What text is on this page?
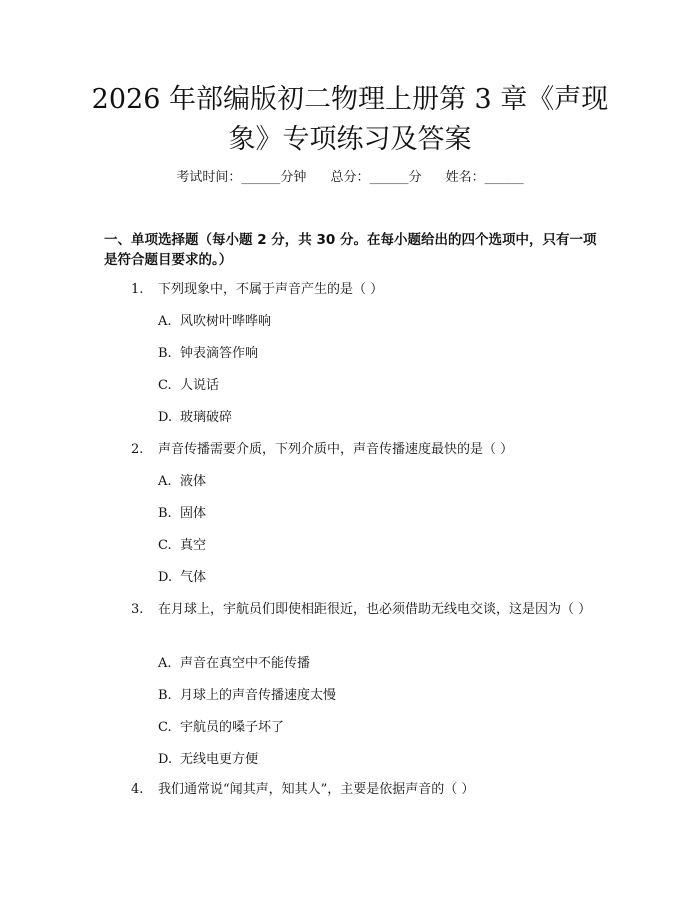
2026 年部编版初二物理上册第 3 章《声现
象》专项练习及答案
考试时间：______分钟 总分：______分 姓名：______
一、单项选择题（每小题 2 分，共 30 分。在每小题给出的四个选项中，只有一项是符合题目要求的。）
1. 下列现象中，不属于声音产生的是（ ）
A. 风吹树叶哗哗响
B. 钟表滴答作响
C. 人说话
D. 玻璃破碎
2. 声音传播需要介质，下列介质中，声音传播速度最快的是（ ）
A. 液体
B. 固体
C. 真空
D. 气体
3. 在月球上，宇航员们即使相距很近，也必须借助无线电交谈，这是因为（ ）
A. 声音在真空中不能传播
B. 月球上的声音传播速度太慢
C. 宇航员的嗓子坏了
D. 无线电更方便
4. 我们通常说“闻其声，知其人”，主要是依据声音的（ ）
